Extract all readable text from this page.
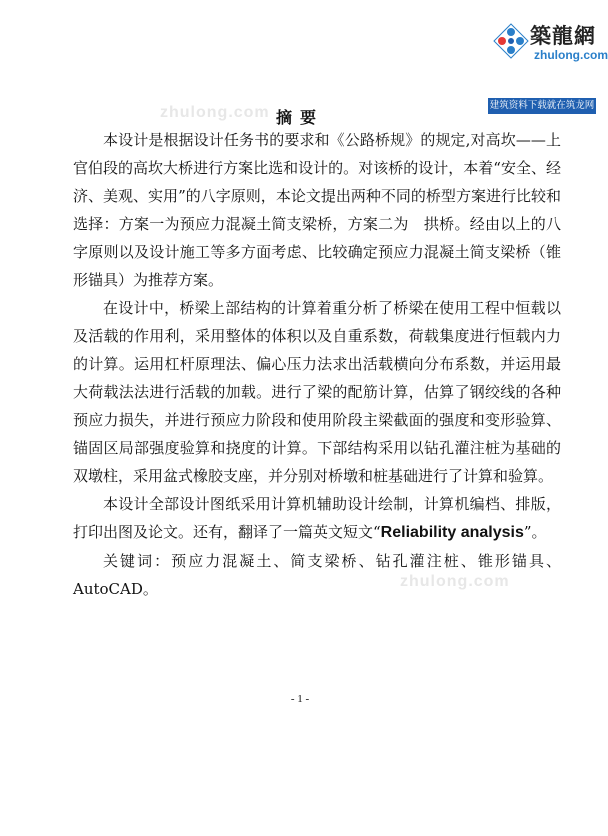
築龍網
zhulong.com
建筑资料下载就在筑龙网
zhulong.com
zhulong.com
摘要

本设计是根据设计任务书的要求和《公路桥规》的规定,对高坎——上官伯段的高坎大桥进行方案比选和设计的。对该桥的设计，本着“安全、经济、美观、实用”的八字原则，本论文提出两种不同的桥型方案进行比较和选择：方案一为预应力混凝土简支梁桥，方案二为　拱桥。经由以上的八字原则以及设计施工等多方面考虑、比较确定预应力混凝土简支梁桥（锥形锚具）为推荐方案。

在设计中，桥梁上部结构的计算着重分析了桥梁在使用工程中恒载以及活载的作用利，采用整体的体积以及自重系数，荷载集度进行恒载内力的计算。运用杠杆原理法、偏心压力法求出活载横向分布系数，并运用最大荷载法法进行活载的加载。进行了梁的配筋计算，估算了钢绞线的各种预应力损失，并进行预应力阶段和使用阶段主梁截面的强度和变形验算、锚固区局部强度验算和挠度的计算。下部结构采用以钻孔灌注桩为基础的双墩柱，采用盆式橡胶支座，并分别对桥墩和桩基础进行了计算和验算。

本设计全部设计图纸采用计算机辅助设计绘制，计算机编档、排版，打印出图及论文。还有，翻译了一篇英文短文“Reliability analysis”。

关键词：预应力混凝土、简支梁桥、钻孔灌注桩、锥形锚具、AutoCAD。

- 1 -
